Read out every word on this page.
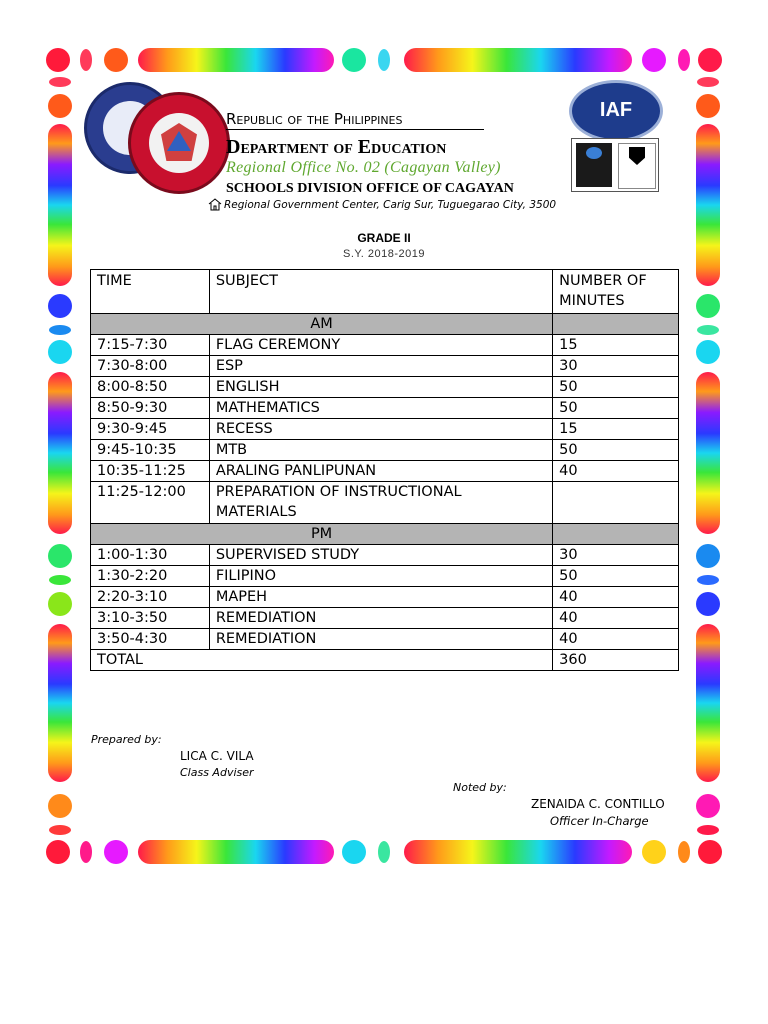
IAF
Republic of the Philippines
Department of Education
Regional Office No. 02 (Cagayan Valley)
SCHOOLS DIVISION OFFICE OF CAGAYAN
Regional Government Center, Carig Sur, Tuguegarao City, 3500
GRADE II
S.Y. 2018-2019
TIME	SUBJECT	NUMBER OF MINUTES
AM		
7:15-7:30	FLAG CEREMONY	15
7:30-8:00	ESP	30
8:00-8:50	ENGLISH	50
8:50-9:30	MATHEMATICS	50
9:30-9:45	RECESS	15
9:45-10:35	MTB	50
10:35-11:25	ARALING PANLIPUNAN	40
11:25-12:00	PREPARATION OF INSTRUCTIONAL MATERIALS	
PM		
1:00-1:30	SUPERVISED STUDY	30
1:30-2:20	FILIPINO	50
2:20-3:10	MAPEH	40
3:10-3:50	REMEDIATION	40
3:50-4:30	REMEDIATION	40
TOTAL		360
Prepared by:
LICA C. VILA
Class Adviser
Noted by:
ZENAIDA C. CONTILLO
Officer In-Charge
